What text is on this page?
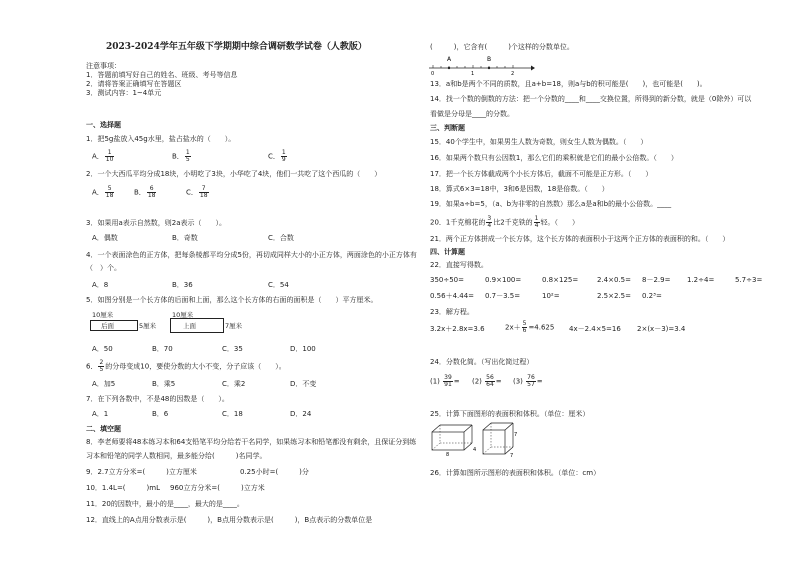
2023-2024学年五年级下学期期中综合调研数学试卷（人教版）
注意事项：
1．答题前填写好自己的姓名、班级、考号等信息
2．请将答案正确填写在答题区
3．测试内容：1~4单元
一、选择题
1．把5g盐放入45g水里，盐占盐水的（　　）。
A． $\frac{1}{10}$	B． $\frac{1}{5}$	C． $\frac{1}{9}$
2．一个大西瓜平均分成18块，小明吃了3块，小华吃了4块，他们一共吃了这个西瓜的（　　）
A． $\frac{5}{18}$	B． $\frac{6}{18}$	C． $\frac{7}{18}$
3．如果用a表示自然数，则2a表示（　　）。
A．偶数	B．奇数	C．合数
4．一个表面涂色的正方体，把每条棱都平均分成5份，再切成同样大小的小正方体，两面涂色的小正方体有
（　）个。
A．8	B．36	C．54
5．如图分别是一个长方体的后面和上面，那么这个长方体的右面的面积是（　　）平方厘米。
10厘米
后面	5厘米
10厘米
上面	7厘米
A．50	B．70	C．35	D．100
6． $\frac{2}{5}$ 的分母变成10，要使分数的大小不变，分子应该（　　）。
A．加5	B．乘5	C．乘2	D．不变
7．在下列各数中，不是48的因数是（　　）。
A．1	B．6	C．18	D．24
二、填空题
8．李老师要将48本练习本和64支铅笔平均分给若干名同学，如果练习本和铅笔都没有剩余，且保证分到练
习本和铅笔的同学人数相同，最多能分给(　　　)名同学。
9．2.7立方分米=(　　　)立方厘米	0.25小时=(　　　)分
10．1.4L=(　　　)mL 960立方分米=(　　　)立方米
11．20的因数中，最小的是____，最大的是____。
12．直线上的A点用分数表示是(　　　)，B点用分数表示是(　　　)，B点表示的分数单位是
(　　　)，它含有(　　　)个这样的分数单位。
A	B
0	1	2
13．a和b是两个不同的质数，且a+b=18，则a与b的积可能是(　　)，也可能是(　　)。
14．找一个数的倒数的方法：把一个分数的____和____交换位置，所得到的新分数，就是（0除外）可以
看做是分母是____的分数。
三、判断题
15．40个学生中，如果男生人数为奇数，则女生人数为偶数。（　　）
16．如果两个数只有公因数1，那么它们的乘积就是它们的最小公倍数。（　　）
17．把一个长方体截成两个小长方体后，截面不可能是正方形。（　　）
18．算式6×3=18中，3和6是因数，18是倍数。（　　）
19．如果a÷b=5，（a、b为非零的自然数）那么a是a和b的最小公倍数。____
20．1千克棉花的 $\frac{3}{4}$ 比2千克铁的 $\frac{1}{4}$ 轻。（　　）
21．两个正方体拼成一个长方体，这个长方体的表面积小于这两个正方体的表面积的和。（　　）
四、计算题
22．直接写得数。
350÷50=	0.9×100=	0.8×125=	2.4×0.5= 8－2.9= 1.2÷4=	5.7÷3=
0.56＋4.44= 0.7－3.5=	10²=	2.5×2.5= 0.2³=
23．解方程。
3.2x＋2.8x=3.6	$2x+ \frac{5}{6} =4.625$ 4x－2.4×5=16 2×(x－3)=3.4
24．分数化简。（写出化简过程）
$(1) \frac{39}{91} = (2) \frac{56}{64} = (3) \frac{76}{57}$ =
25．计算下面图形的表面积和体积。（单位：厘米）
8
4
7
7
26．计算如图所示图形的表面积和体积。（单位：cm）
